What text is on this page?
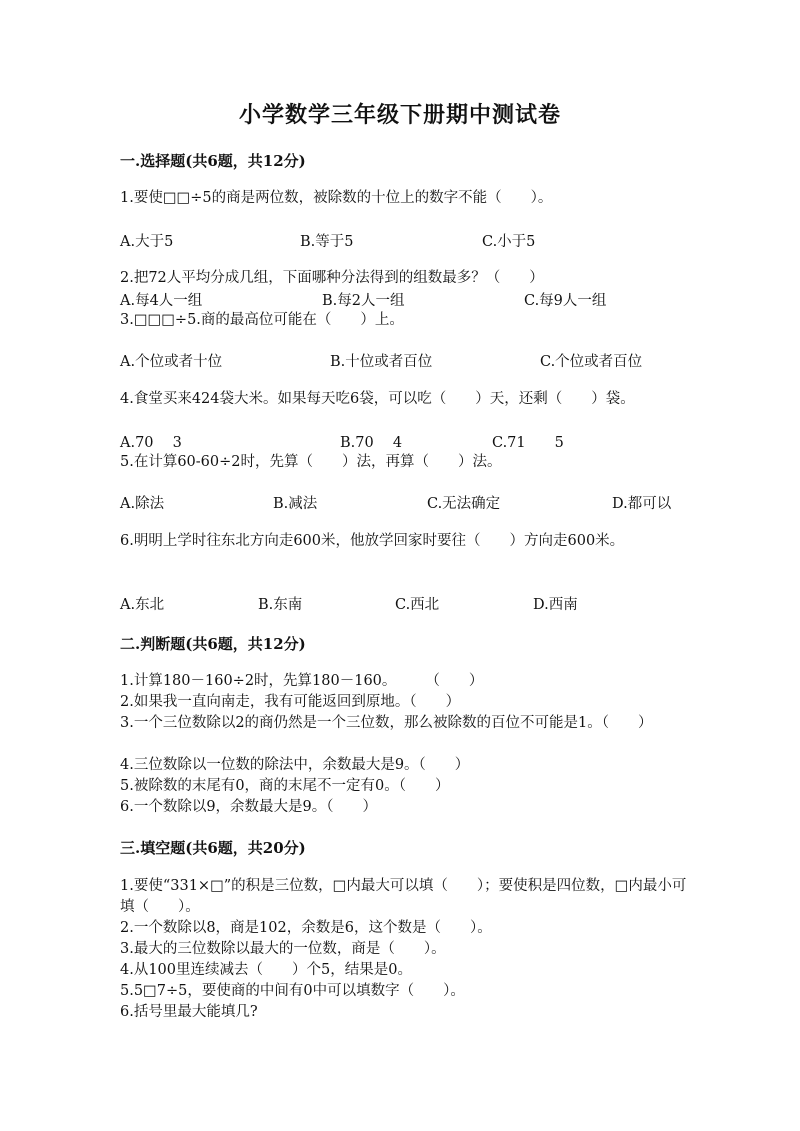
小学数学三年级下册期中测试卷
一.选择题(共6题，共12分)
1.要使□□÷5的商是两位数，被除数的十位上的数字不能（　　）。
A.大于5	B.等于5	C.小于5
2.把72人平均分成几组，下面哪种分法得到的组数最多？（　　）
A.每4人一组	B.每2人一组	C.每9人一组
3.□□□÷5.商的最高位可能在（　　）上。
A.个位或者十位	B.十位或者百位	C.个位或者百位
4.食堂买来424袋大米。如果每天吃6袋，可以吃（　　）天，还剩（　　）袋。
A.70　 3	B.70　 4	C.71　　5
5.在计算60-60÷2时，先算（　　）法，再算（　　）法。
A.除法	B.减法	C.无法确定	D.都可以
6.明明上学时往东北方向走600米，他放学回家时要往（　　）方向走600米。
A.东北	B.东南	C.西北	D.西南
二.判断题(共6题，共12分)
1.计算180－160÷2时，先算180－160。　　　（　　）
2.如果我一直向南走，我有可能返回到原地。（　　）
3.一个三位数除以2的商仍然是一个三位数，那么被除数的百位不可能是1。（　　）
4.三位数除以一位数的除法中，余数最大是9。（　　）
5.被除数的末尾有0，商的末尾不一定有0。（　　）
6.一个数除以9，余数最大是9。（　　）
三.填空题(共6题，共20分)
1.要使“331×□”的积是三位数，□内最大可以填（　　）；要使积是四位数，□内最小可填（　　）。
2.一个数除以8，商是102，余数是6，这个数是（　　）。
3.最大的三位数除以最大的一位数，商是（　　）。
4.从100里连续减去（　　）个5，结果是0。
5.5□7÷5，要使商的中间有0中可以填数字（　　）。
6.括号里最大能填几?
